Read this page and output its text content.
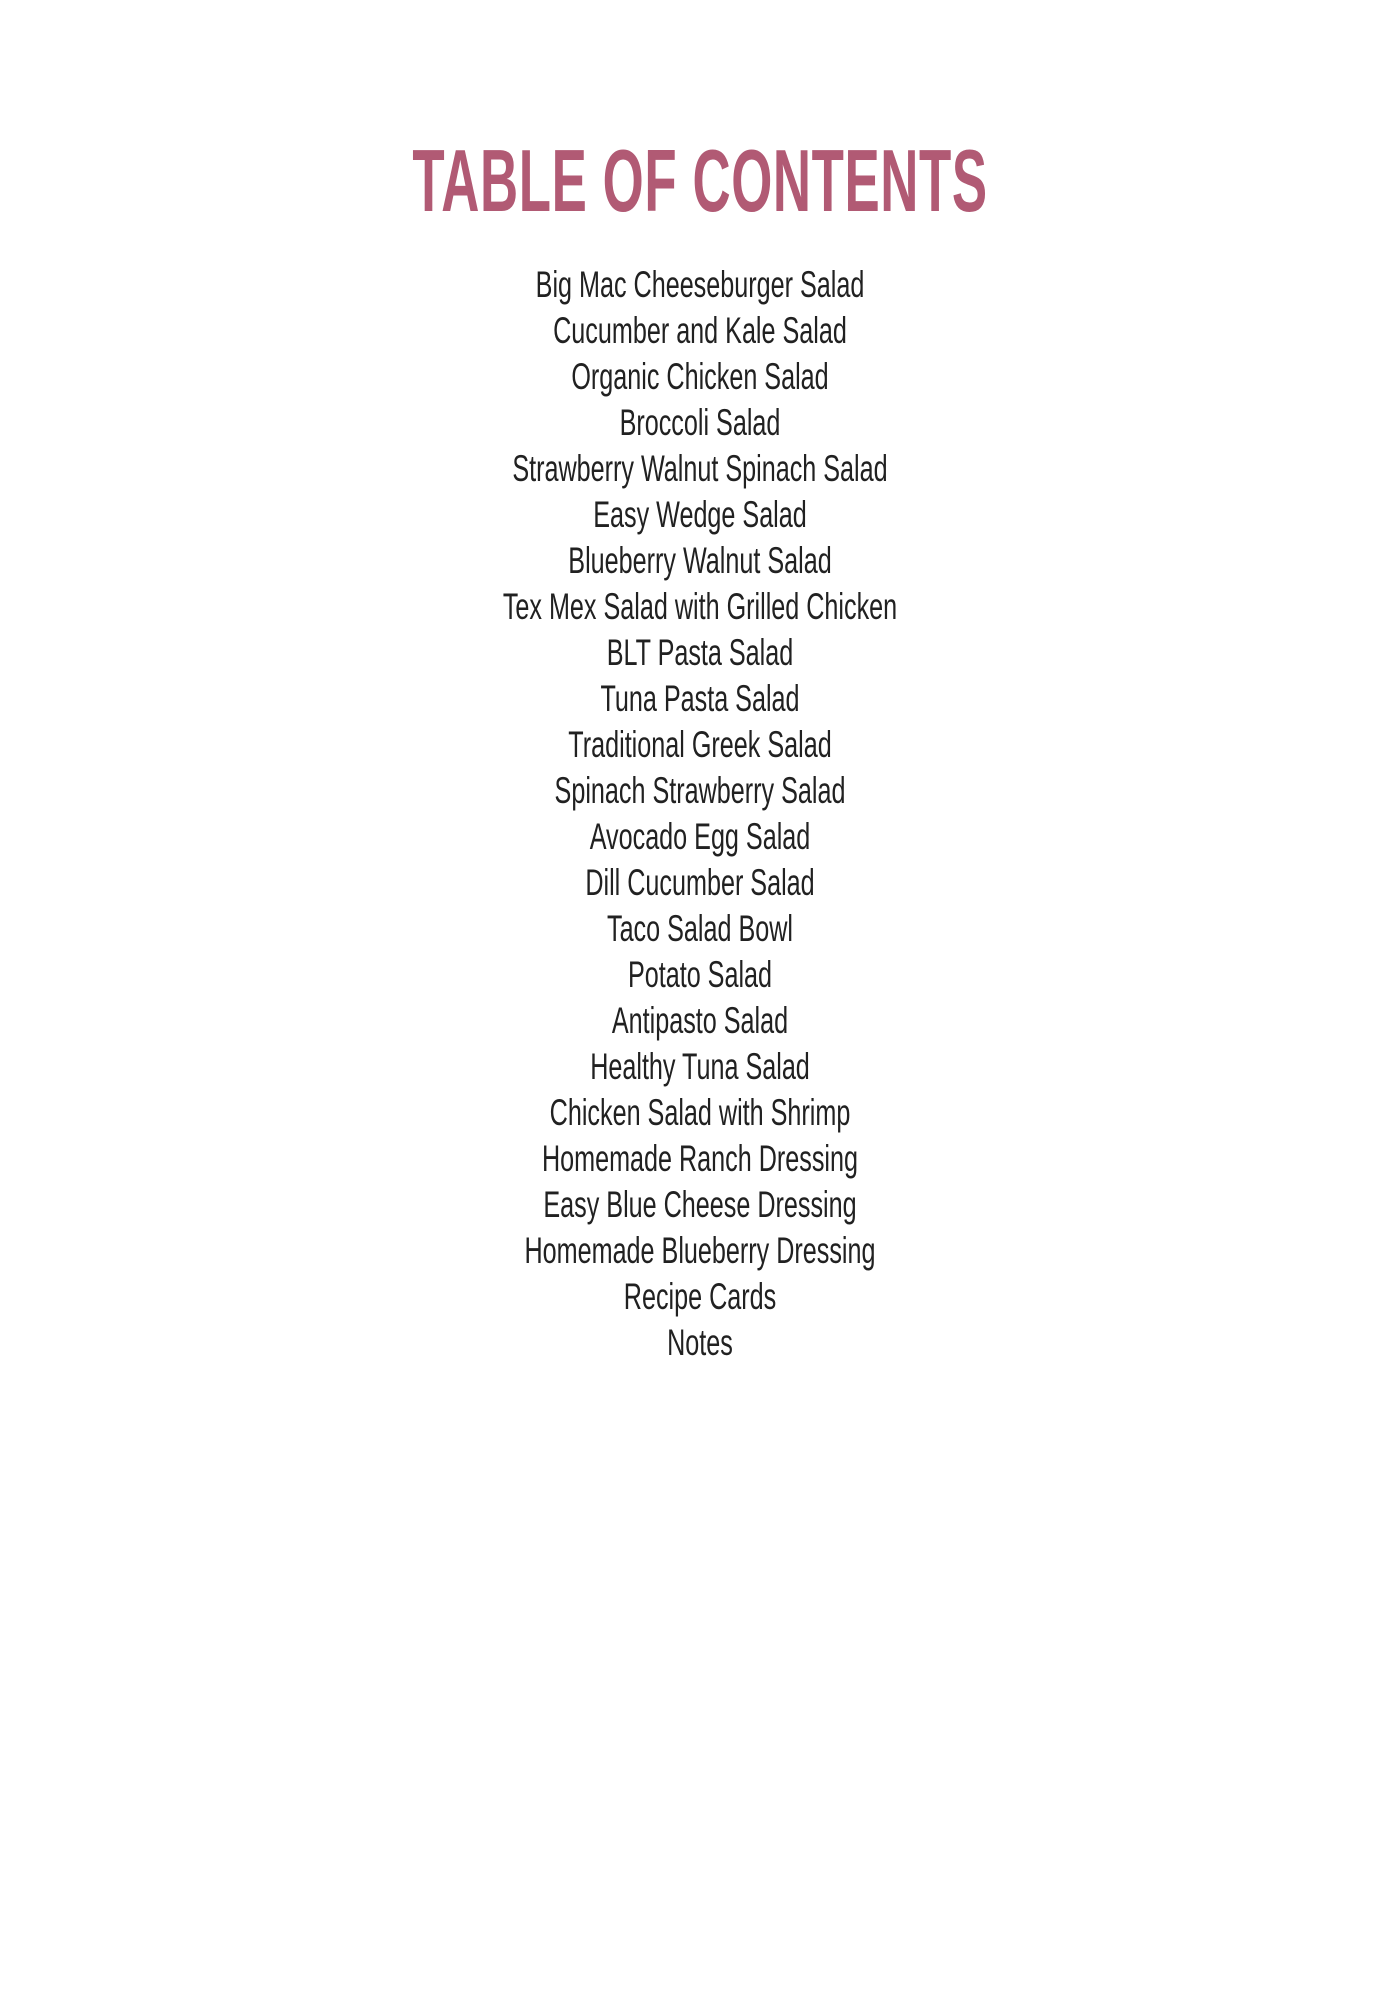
TABLE OF CONTENTS
Big Mac Cheeseburger Salad
Cucumber and Kale Salad
Organic Chicken Salad
Broccoli Salad
Strawberry Walnut Spinach Salad
Easy Wedge Salad
Blueberry Walnut Salad
Tex Mex Salad with Grilled Chicken
BLT Pasta Salad
Tuna Pasta Salad
Traditional Greek Salad
Spinach Strawberry Salad
Avocado Egg Salad
Dill Cucumber Salad
Taco Salad Bowl
Potato Salad
Antipasto Salad
Healthy Tuna Salad
Chicken Salad with Shrimp
Homemade Ranch Dressing
Easy Blue Cheese Dressing
Homemade Blueberry Dressing
Recipe Cards
Notes
